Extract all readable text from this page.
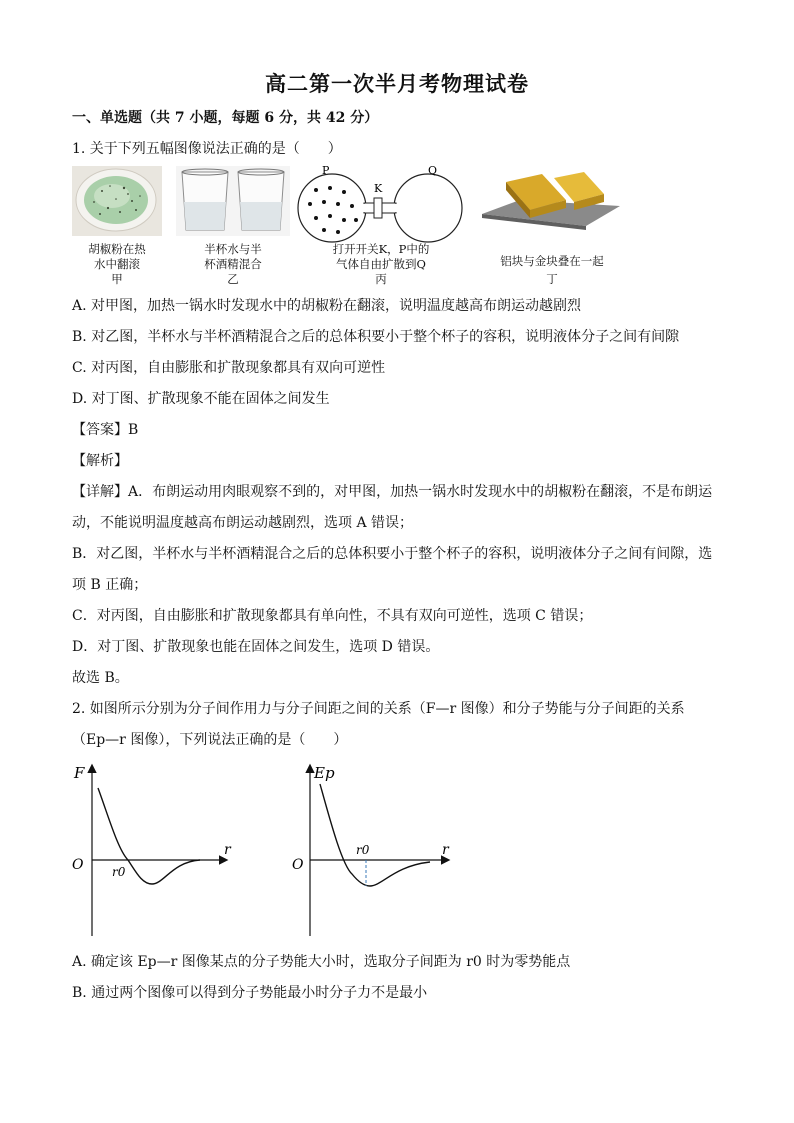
高二第一次半月考物理试卷
一、单选题（共 7 小题，每题 6 分，共 42 分）
1. 关于下列五幅图像说法正确的是（　　）
胡椒粉在热
水中翻滚
甲
半杯水与半
杯酒精混合
乙
P
K
Q
打开开关K，P中的
气体自由扩散到Q
丙
铝块与金块叠在一起
丁
A. 对甲图，加热一锅水时发现水中的胡椒粉在翻滚，说明温度越高布朗运动越剧烈
B. 对乙图，半杯水与半杯酒精混合之后的总体积要小于整个杯子的容积，说明液体分子之间有间隙
C. 对丙图，自由膨胀和扩散现象都具有双向可逆性
D. 对丁图、扩散现象不能在固体之间发生
【答案】B
【解析】
【详解】A．布朗运动用肉眼观察不到的，对甲图，加热一锅水时发现水中的胡椒粉在翻滚，不是布朗运
动，不能说明温度越高布朗运动越剧烈，选项 A 错误；
B．对乙图，半杯水与半杯酒精混合之后的总体积要小于整个杯子的容积，说明液体分子之间有间隙，选
项 B 正确；
C．对丙图，自由膨胀和扩散现象都具有单向性，不具有双向可逆性，选项 C 错误；
D．对丁图、扩散现象也能在固体之间发生，选项 D 错误。
故选 B。
2. 如图所示分别为分子间作用力与分子间距之间的关系（F—r 图像）和分子势能与分子间距的关系
（Ep—r 图像），下列说法正确的是（　　）
F
r
O r0
Ep
r
O
r0
A. 确定该 Ep—r 图像某点的分子势能大小时，选取分子间距为 r0 时为零势能点
B. 通过两个图像可以得到分子势能最小时分子力不是最小
